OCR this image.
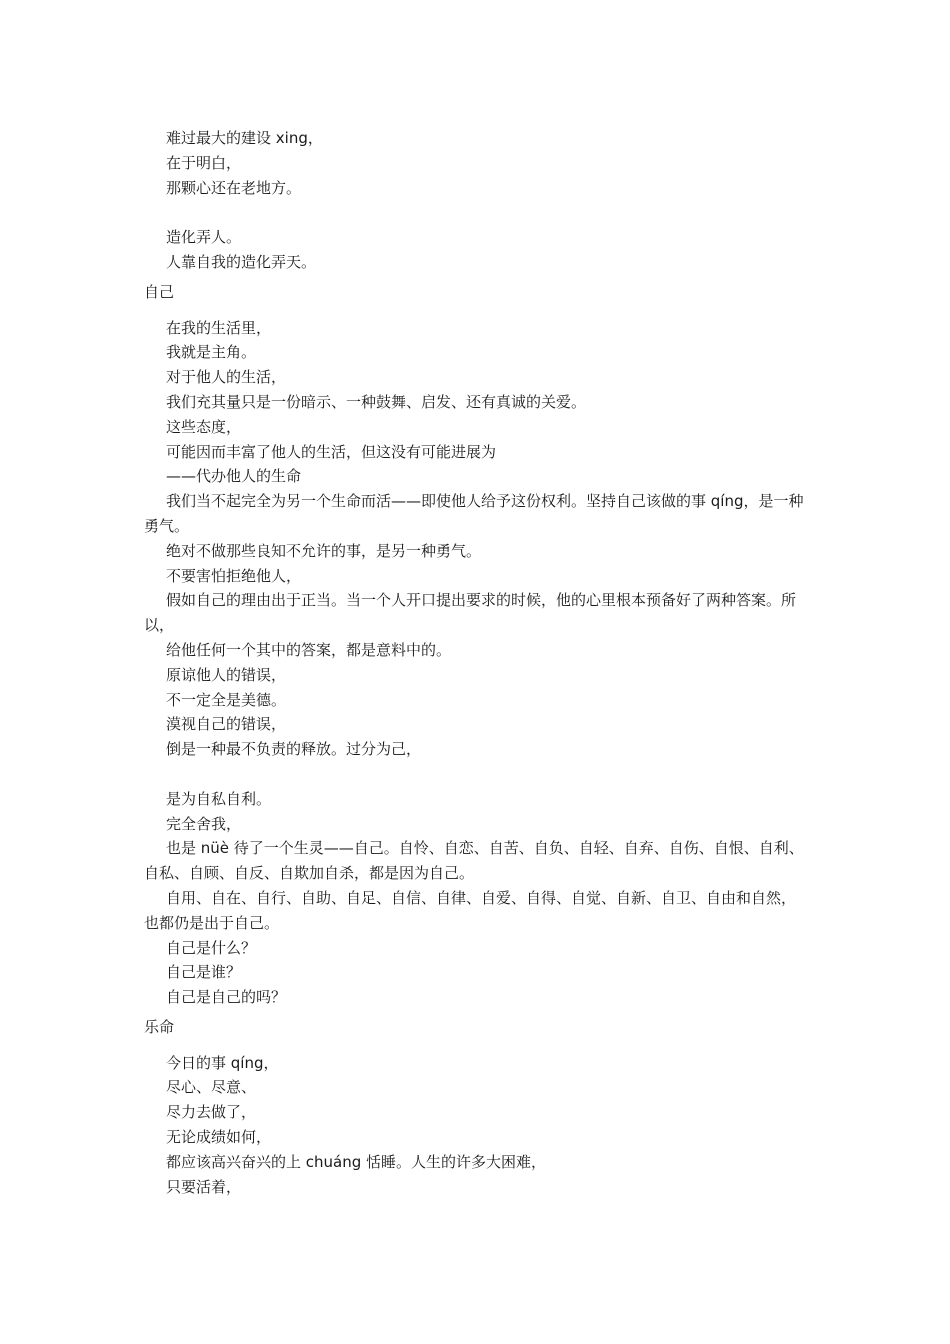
难过最大的建设 xing，

在于明白，

那颗心还在老地方。

造化弄人。

人靠自我的造化弄天。

自己

在我的生活里，

我就是主角。

对于他人的生活，

我们充其量只是一份暗示、一种鼓舞、启发、还有真诚的关爱。

这些态度，

可能因而丰富了他人的生活，但这没有可能进展为

——代办他人的生命

我们当不起完全为另一个生命而活——即使他人给予这份权利。坚持自己该做的事 qíng，是一种勇气。

绝对不做那些良知不允许的事，是另一种勇气。

不要害怕拒绝他人，

假如自己的理由出于正当。当一个人开口提出要求的时候，他的心里根本预备好了两种答案。所以，

给他任何一个其中的答案，都是意料中的。

原谅他人的错误，

不一定全是美德。

漠视自己的错误，

倒是一种最不负责的释放。过分为己，

是为自私自利。

完全舍我，

也是 nüè 待了一个生灵——自己。自怜、自恋、自苦、自负、自轻、自弃、自伤、自恨、自利、自私、自顾、自反、自欺加自杀，都是因为自己。

自用、自在、自行、自助、自足、自信、自律、自爱、自得、自觉、自新、自卫、自由和自然，也都仍是出于自己。

自己是什么？

自己是谁？

自己是自己的吗？

乐命

今日的事 qíng，

尽心、尽意、

尽力去做了，

无论成绩如何，

都应该高兴奋兴的上 chuáng 恬睡。人生的许多大困难，

只要活着，
